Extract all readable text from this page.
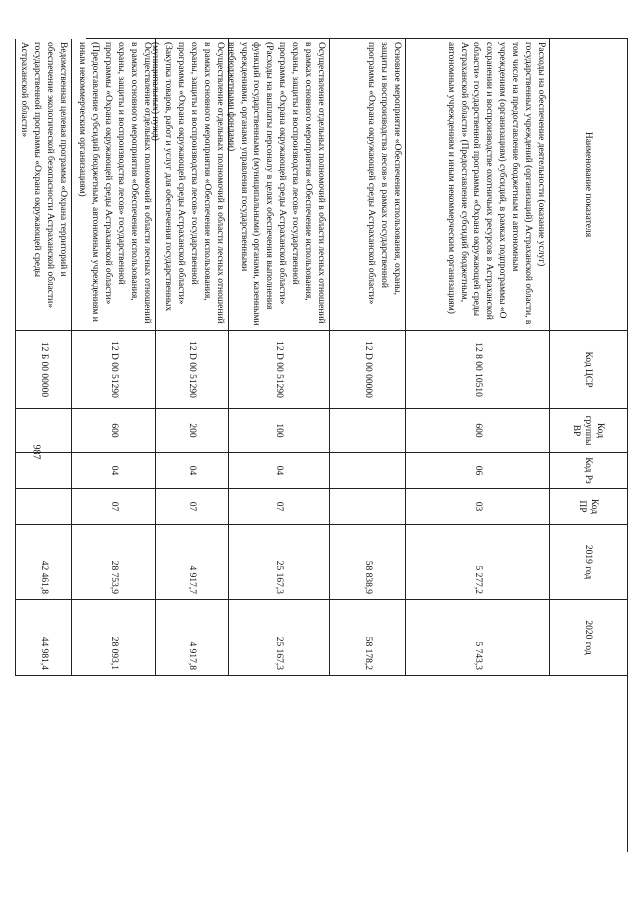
987
Наименование показателя
Код ЦСР
Код группы ВР
Код Рз
Код ПР
2019 год
2020 год
Расходы на обеспечение деятельности (оказание услуг) государственных учреждений (организаций) Астраханской области, в том числе на предоставление бюджетным и автономным учреждениям (организациям) субсидий, в рамках подпрограммы «О сохранении и воспроизводстве охотничьих ресурсов в Астраханской области» государственной программы «Охрана окружающей среды Астраханской области» (Предоставление субсидий бюджетным, автономным учреждениям и иным некоммерческим организациям)
12 8 00 10510
600
06
03
5 277,2
5 743,3
Основное мероприятие «Обеспечение использования, охраны, защиты и воспроизводства лесов» в рамках государственной программы «Охрана окружающей среды Астраханской области»
12 D 00 00000
58 838,9
58 178,2
Осуществление отдельных полномочий в области лесных отношений в рамках основного мероприятия «Обеспечение использования, охраны, защиты и воспроизводства лесов» государственной программы «Охрана окружающей среды Астраханской области» (Расходы на выплаты персоналу в целях обеспечения выполнения функций государственными (муниципальными) органами, казенными учреждениями, органами управления государственными внебюджетными фондами)
12 D 00 51290
100
04
07
25 167,3
25 167,3
Осуществление отдельных полномочий в области лесных отношений в рамках основного мероприятия «Обеспечение использования, охраны, защиты и воспроизводства лесов» государственной программы «Охрана окружающей среды Астраханской области» (Закупка товаров, работ и услуг для обеспечения государственных (муниципальных) нужд)
12 D 00 51290
200
04
07
4 917,7
4 917,8
Осуществление отдельных полномочий в области лесных отношений в рамках основного мероприятия «Обеспечение использования, охраны, защиты и воспроизводства лесов» государственной программы «Охрана окружающей среды Астраханской области» (Предоставление субсидий бюджетным, автономным учреждениям и иным некоммерческим организациям)
12 D 00 51290
600
04
07
28 753,9
28 093,1
Ведомственная целевая программа «Охрана территорий и обеспечение экологической безопасности Астраханской области» государственной программы «Охрана окружающей среды Астраханской области»
12 Б 00 00000
42 461,8
44 981,4
